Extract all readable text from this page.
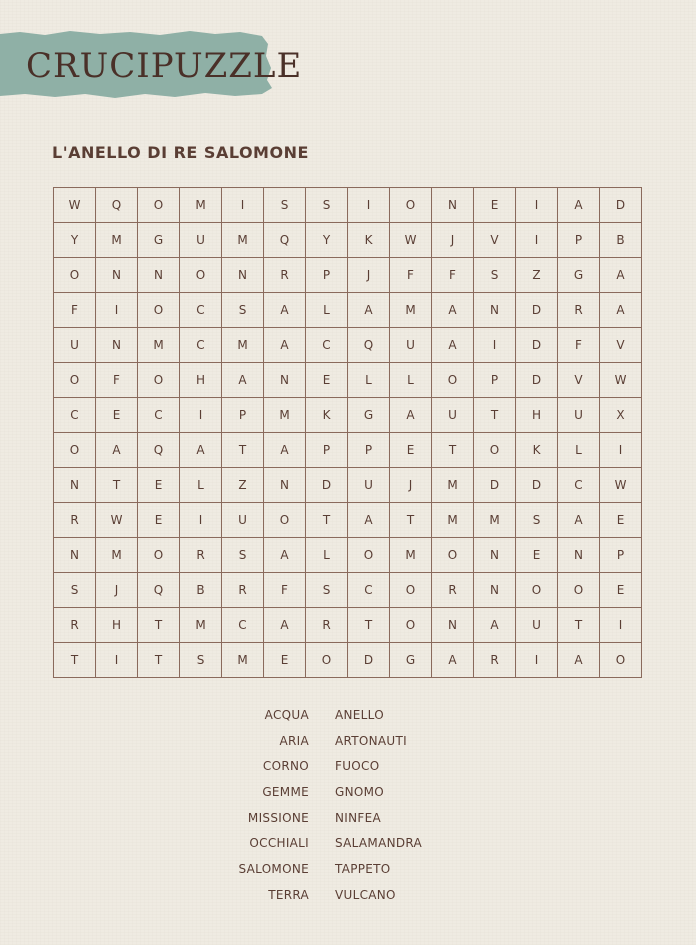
CRUCIPUZZLE
L'ANELLO DI RE SALOMONE
W	Q	O	M	I	S	S	I	O	N	E	I	A	D
Y	M	G	U	M	Q	Y	K	W	J	V	I	P	B
O	N	N	O	N	R	P	J	F	F	S	Z	G	A
F	I	O	C	S	A	L	A	M	A	N	D	R	A
U	N	M	C	M	A	C	Q	U	A	I	D	F	V
O	F	O	H	A	N	E	L	L	O	P	D	V	W
C	E	C	I	P	M	K	G	A	U	T	H	U	X
O	A	Q	A	T	A	P	P	E	T	O	K	L	I
N	T	E	L	Z	N	D	U	J	M	D	D	C	W
R	W	E	I	U	O	T	A	T	M	M	S	A	E
N	M	O	R	S	A	L	O	M	O	N	E	N	P
S	J	Q	B	R	F	S	C	O	R	N	O	O	E
R	H	T	M	C	A	R	T	O	N	A	U	T	I
T	I	T	S	M	E	O	D	G	A	R	I	A	O
ACQUA	ANELLO
ARIA	ARTONAUTI
CORNO	FUOCO
GEMME	GNOMO
MISSIONE	NINFEA
OCCHIALI	SALAMANDRA
SALOMONE	TAPPETO
TERRA	VULCANO
